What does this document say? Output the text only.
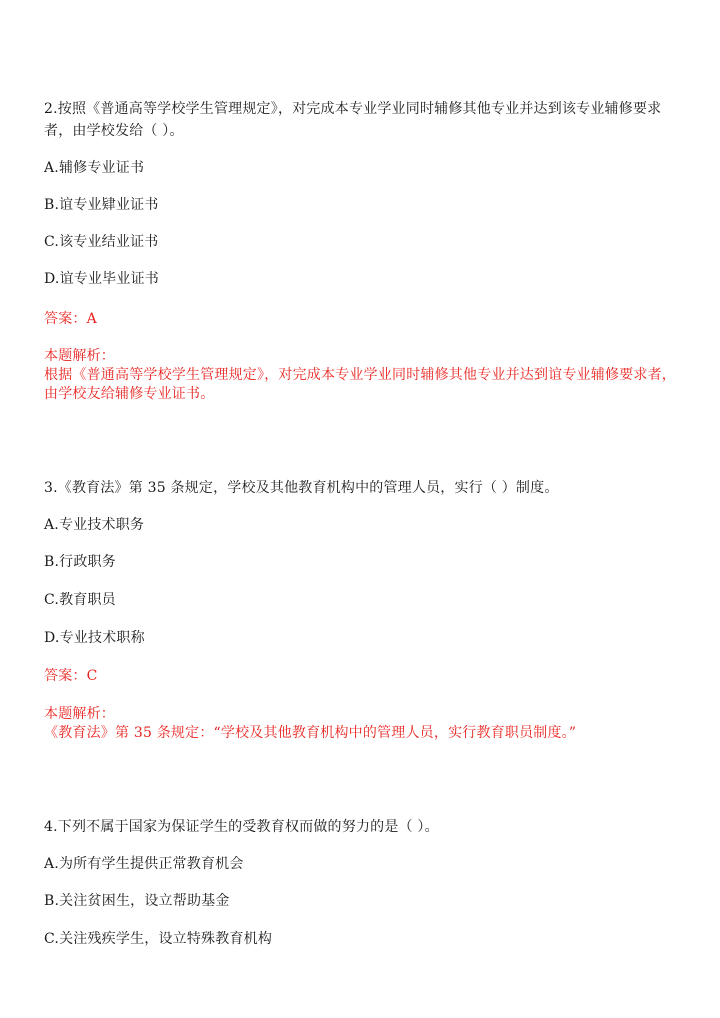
2.按照《普通高等学校学生管理规定》，对完成本专业学业同时辅修其他专业并达到该专业辅修要求
者，由学校发给（ ）。
A.辅修专业证书
B.谊专业肄业证书
C.该专业结业证书
D.谊专业毕业证书
答案：A
本题解析：
根据《普通高等学校学生管理规定》，对完成本专业学业同时辅修其他专业并达到谊专业辅修要求者，
由学校友给辅修专业证书。
3.《教育法》第 35 条规定，学校及其他教育机构中的管理人员，实行（ ）制度。
A.专业技术职务
B.行政职务
C.教育职员
D.专业技术职称
答案：C
本题解析：
《教育法》第 35 条规定：“学校及其他教育机构中的管理人员，实行教育职员制度。”
4.下列不属于国家为保证学生的受教育权而做的努力的是（ ）。
A.为所有学生提供正常教育机会
B.关注贫困生，设立帮助基金
C.关注残疾学生，设立特殊教育机构
